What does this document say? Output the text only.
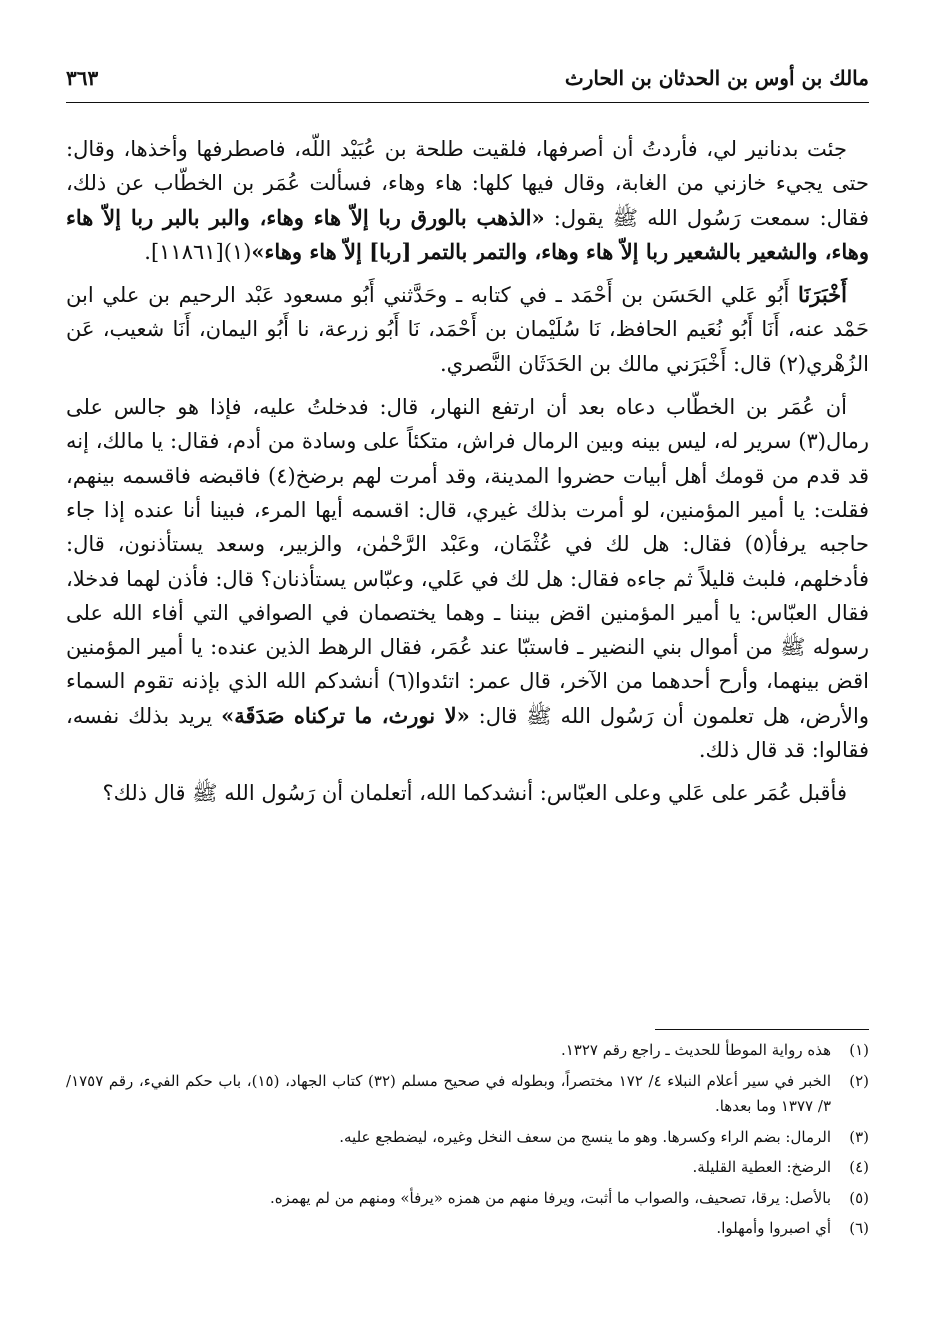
مالك بن أوس بن الحدثان بن الحارث
٣٦٣

جئت بدنانير لي، فأردتُ أن أصرفها، فلقيت طلحة بن عُبَيْد اللّه، فاصطرفها وأخذها، وقال: حتى يجيء خازني من الغابة، وقال فيها كلها: هاء وهاء، فسألت عُمَر بن الخطّاب عن ذلك، فقال: سمعت رَسُول الله ﷺ يقول: «الذهب بالورق ربا إلاّ هاء وهاء، والبر بالبر ربا إلاّ هاء وهاء، والشعير بالشعير ربا إلاّ هاء وهاء، والتمر بالتمر [ربا] إلاّ هاء وهاء»(١)[١١٨٦١].

أَخْبَرَنَا أَبُو عَلي الحَسَن بن أَحْمَد ـ في كتابه ـ وحَدَّثني أَبُو مسعود عَبْد الرحيم بن علي ابن حَمْد عنه، أَنَا أَبُو نُعَيم الحافظ، نَا سُلَيْمان بن أَحْمَد، نَا أَبُو زرعة، نا أَبُو اليمان، أَنَا شعيب، عَن الزُهْري(٢) قال: أَخْبَرَني مالك بن الحَدَثَان النَّصري.

أن عُمَر بن الخطّاب دعاه بعد أن ارتفع النهار، قال: فدخلتُ عليه، فإذا هو جالس على رمال(٣) سرير له، ليس بينه وبين الرمال فراش، متكئاً على وسادة من أدم، فقال: يا مالك، إنه قد قدم من قومك أهل أبيات حضروا المدينة، وقد أمرت لهم برضخ(٤) فاقبضه فاقسمه بينهم، فقلت: يا أمير المؤمنين، لو أمرت بذلك غيري، قال: اقسمه أيها المرء، فبينا أنا عنده إذا جاء حاجبه يرفأ(٥) فقال: هل لك في عُثْمَان، وعَبْد الرَّحْمٰن، والزبير، وسعد يستأذنون، قال: فأدخلهم، فلبث قليلاً ثم جاءه فقال: هل لك في عَلي، وعبّاس يستأذنان؟ قال: فأذن لهما فدخلا، فقال العبّاس: يا أمير المؤمنين اقض بيننا ـ وهما يختصمان في الصوافي التي أفاء الله على رسوله ﷺ من أموال بني النضير ـ فاستبّا عند عُمَر، فقال الرهط الذين عنده: يا أمير المؤمنين اقض بينهما، وأرح أحدهما من الآخر، قال عمر: اتئدوا(٦) أنشدكم الله الذي بإذنه تقوم السماء والأرض، هل تعلمون أن رَسُول الله ﷺ قال: «لا نورث، ما تركناه صَدَقَة» يريد بذلك نفسه، فقالوا: قد قال ذلك.

فأقبل عُمَر على عَلي وعلى العبّاس: أنشدكما الله، أتعلمان أن رَسُول الله ﷺ قال ذلك؟

(١)
هذه رواية الموطأ للحديث ـ راجع رقم ١٣٢٧.
(٢)
الخبر في سير أعلام النبلاء ٤/ ١٧٢ مختصراً، وبطوله في صحيح مسلم (٣٢) كتاب الجهاد، (١٥)، باب حكم الفيء، رقم ١٧٥٧/ ٣/ ١٣٧٧ وما بعدها.
(٣)
الرمال: بضم الراء وكسرها. وهو ما ينسج من سعف النخل وغيره، ليضطجع عليه.
(٤)
الرضخ: العطية القليلة.
(٥)
بالأصل: يرقا، تصحيف، والصواب ما أثبت، ويرفا منهم من همزه «يرفأ» ومنهم من لم يهمزه.
(٦)
أي اصبروا وأمهلوا.
